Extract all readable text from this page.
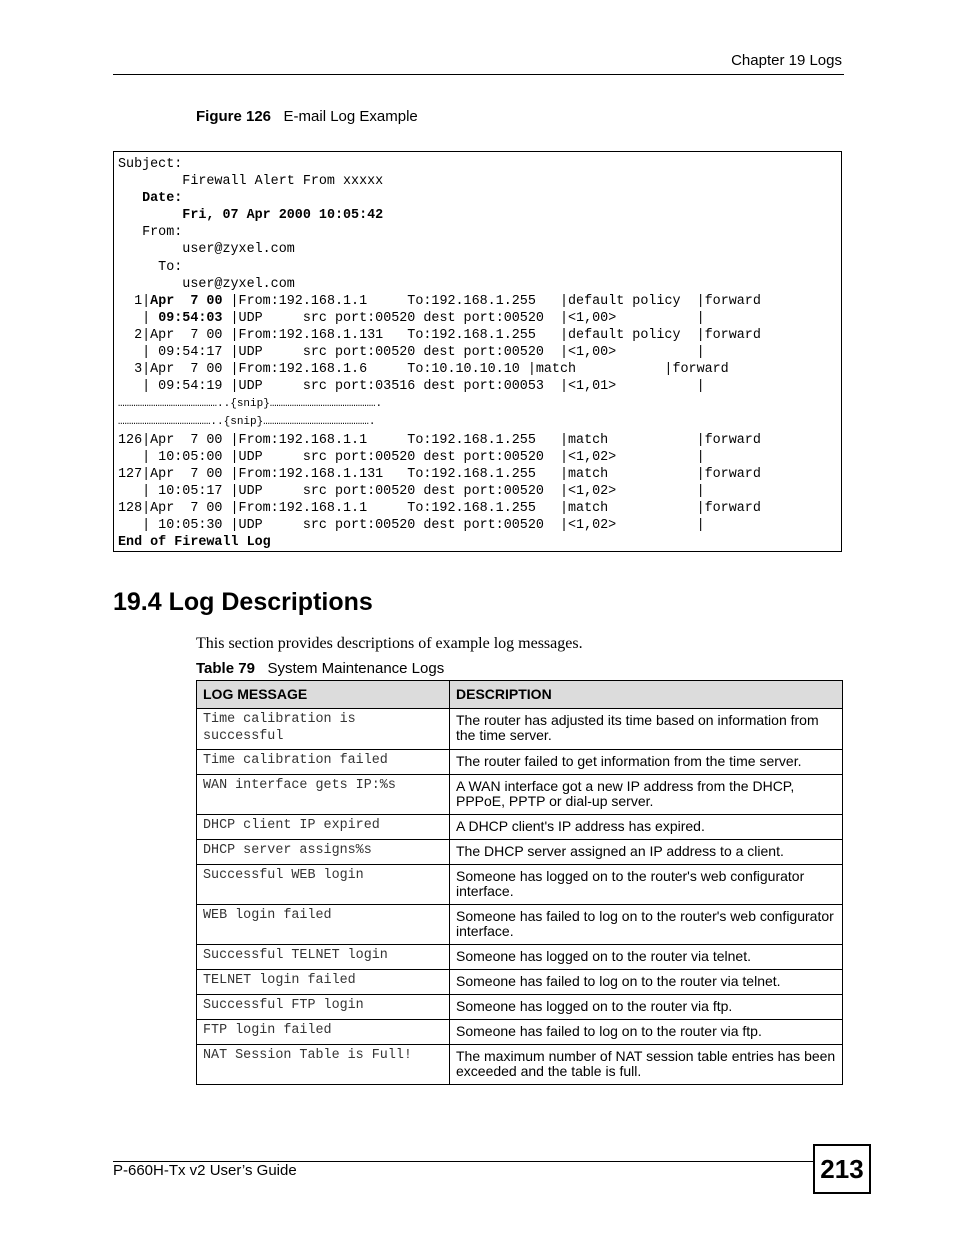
Chapter 19 Logs
Figure 126 E-mail Log Example
Subject:
Firewall Alert From xxxxx
Date:
Fri, 07 Apr 2000 10:05:42
From:
user@zyxel.com
To:
user@zyxel.com
1|Apr  7 00 |From:192.168.1.1     To:192.168.1.255   |default policy  |forward
| 09:54:03 |UDP     src port:00520 dest port:00520  |<1,00>          |
2|Apr  7 00 |From:192.168.1.131   To:192.168.1.255   |default policy  |forward
| 09:54:17 |UDP     src port:00520 dest port:00520  |<1,00>          |
3|Apr  7 00 |From:192.168.1.6     To:10.10.10.10 |match           |forward
| 09:54:19 |UDP     src port:03516 dest port:00053  |<1,01>          |
………………………………………..{snip}………………………………………….
……………………………………..{snip}………………………………………….
126|Apr  7 00 |From:192.168.1.1     To:192.168.1.255   |match           |forward
| 10:05:00 |UDP     src port:00520 dest port:00520  |<1,02>          |
127|Apr  7 00 |From:192.168.1.131   To:192.168.1.255   |match           |forward
| 10:05:17 |UDP     src port:00520 dest port:00520  |<1,02>          |
128|Apr  7 00 |From:192.168.1.1     To:192.168.1.255   |match           |forward
| 10:05:30 |UDP     src port:00520 dest port:00520  |<1,02>          |
End of Firewall Log
19.4 Log Descriptions
This section provides descriptions of example log messages.
Table 79 System Maintenance Logs
LOG MESSAGE	DESCRIPTION
Time calibration is successful	The router has adjusted its time based on information from the time server.
Time calibration failed	The router failed to get information from the time server.
WAN interface gets IP:%s	A WAN interface got a new IP address from the DHCP, PPPoE, PPTP or dial-up server.
DHCP client IP expired	A DHCP client's IP address has expired.
DHCP server assigns%s	The DHCP server assigned an IP address to a client.
Successful WEB login	Someone has logged on to the router's web configurator interface.
WEB login failed	Someone has failed to log on to the router's web configurator interface.
Successful TELNET login	Someone has logged on to the router via telnet.
TELNET login failed	Someone has failed to log on to the router via telnet.
Successful FTP login	Someone has logged on to the router via ftp.
FTP login failed	Someone has failed to log on to the router via ftp.
NAT Session Table is Full!	The maximum number of NAT session table entries has been exceeded and the table is full.
P-660H-Tx v2 User’s Guide	213
